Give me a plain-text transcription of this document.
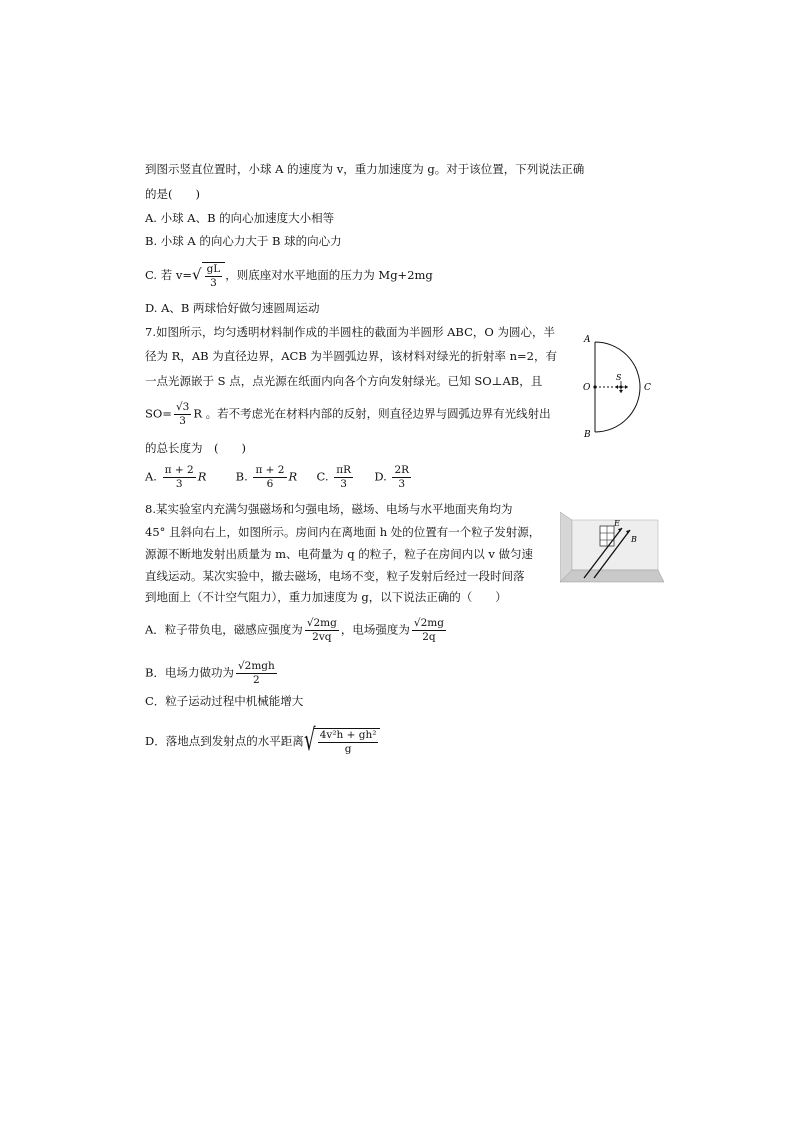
到图示竖直位置时，小球 A 的速度为 v，重力加速度为 g。对于该位置，下列说法正确
的是(　　)
A. 小球 A、B 的向心加速度大小相等
B. 小球 A 的向心力大于 B 球的向心力
C. 若 $v=√ \frac{gL}{3}$ ，则底座对水平地面的压力为 Mg+2mg
D. A、B 两球恰好做匀速圆周运动
7.如图所示，均匀透明材料制作成的半圆柱的截面为半圆形 ABC，O 为圆心，半
径为 R，AB 为直径边界，ACB 为半圆弧边界，该材料对绿光的折射率 n=2，有
一点光源嵌于 S 点，点光源在纸面内向各个方向发射绿光。已知 SO⊥AB，且
$SO= \frac{√3}{3}$ R 。若不考虑光在材料内部的反射，则直径边界与圆弧边界有光线射出
的总长度为　(　　)
A. $\frac{\pi + 2}{3}$ R	B. $\frac{\pi + 2}{6}$ R C. $\frac{\pi R}{3} D$. $\frac{2R}{3}$
A
B
C
O
S
8.某实验室内充满匀强磁场和匀强电场，磁场、电场与水平地面夹角均为
45° 且斜向右上，如图所示。房间内在离地面 h 处的位置有一个粒子发射源，
源源不断地发射出质量为 m、电荷量为 q 的粒子，粒子在房间内以 v 做匀速
直线运动。某次实验中，撤去磁场，电场不变，粒子发射后经过一段时间落
到地面上（不计空气阻力），重力加速度为 g，以下说法正确的（　　）
A．粒子带负电，磁感应强度为 $\frac{√2mg}{2vq}$ ，电场强度为 $\frac{√2mg}{2q}$
B．电场力做功为 $\frac{\text{√2mgh}}{2}$
C．粒子运动过程中机械能增大
D．落地点到发射点的水平距离 √ $\frac{\text{4v²h + gh²}}{g}$
E
B
